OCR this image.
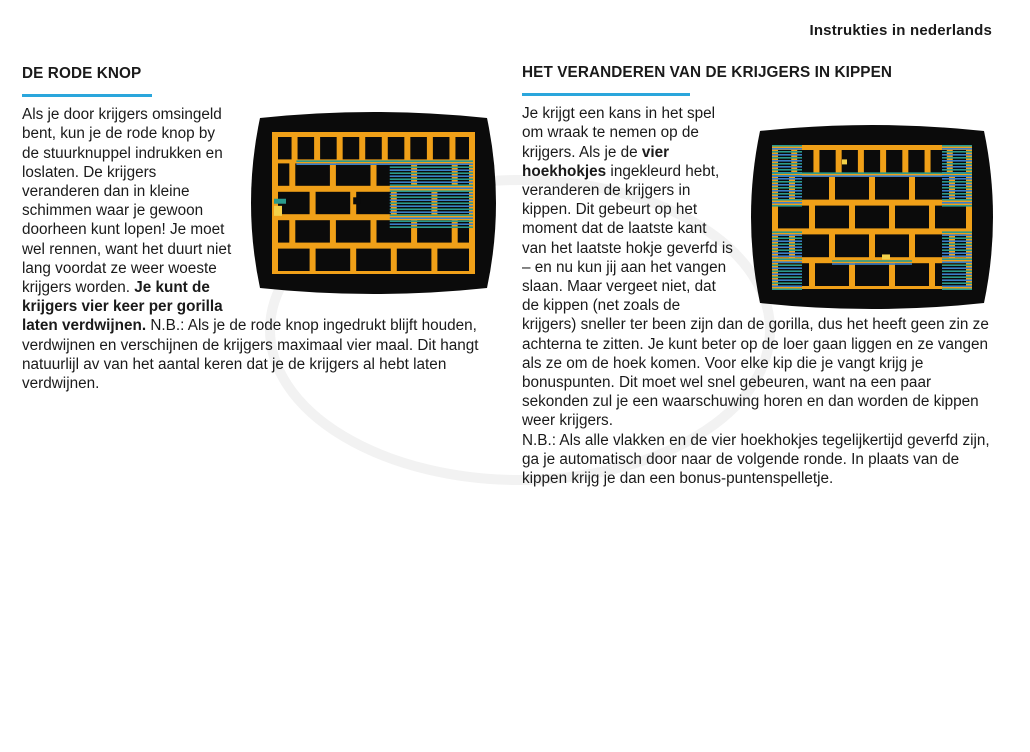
Instrukties in nederlands
DE RODE KNOP

Als je door krijgers omsingeld bent, kun je de rode knop by de stuurknuppel indrukken en loslaten. De krijgers veranderen dan in kleine schimmen waar je gewoon doorheen kunt lopen! Je moet wel rennen, want het duurt niet lang voordat ze weer woeste krijgers worden. Je kunt de krijgers vier keer per gorilla laten verdwijnen. N.B.: Als je de rode knop ingedrukt blijft houden, verdwijnen en verschijnen de krijgers maximaal vier maal. Dit hangt natuurlijl av van het aantal keren dat je de krijgers al hebt laten verdwijnen.

HET VERANDEREN VAN DE KRIJGERS IN KIPPEN

Je krijgt een kans in het spel om wraak te nemen op de krijgers. Als je de vier hoekhokjes ingekleurd hebt, veranderen de krijgers in kippen. Dit gebeurt op het moment dat de laatste kant van het laatste hokje geverfd is – en nu kun jij aan het vangen slaan. Maar vergeet niet, dat de kippen (net zoals de krijgers) sneller ter been zijn dan de gorilla, dus het heeft geen zin ze achterna te zitten. Je kunt beter op de loer gaan liggen en ze vangen als ze om de hoek komen. Voor elke kip die je vangt krijg je bonuspunten. Dit moet wel snel gebeuren, want na een paar sekonden zul je een waarschuwing horen en dan worden de kippen weer krijgers.

N.B.: Als alle vlakken en de vier hoekhokjes tegelijkertijd geverfd zijn, ga je automatisch door naar de volgende ronde. In plaats van de kippen krijg je dan een bonus-puntenspelletje.
